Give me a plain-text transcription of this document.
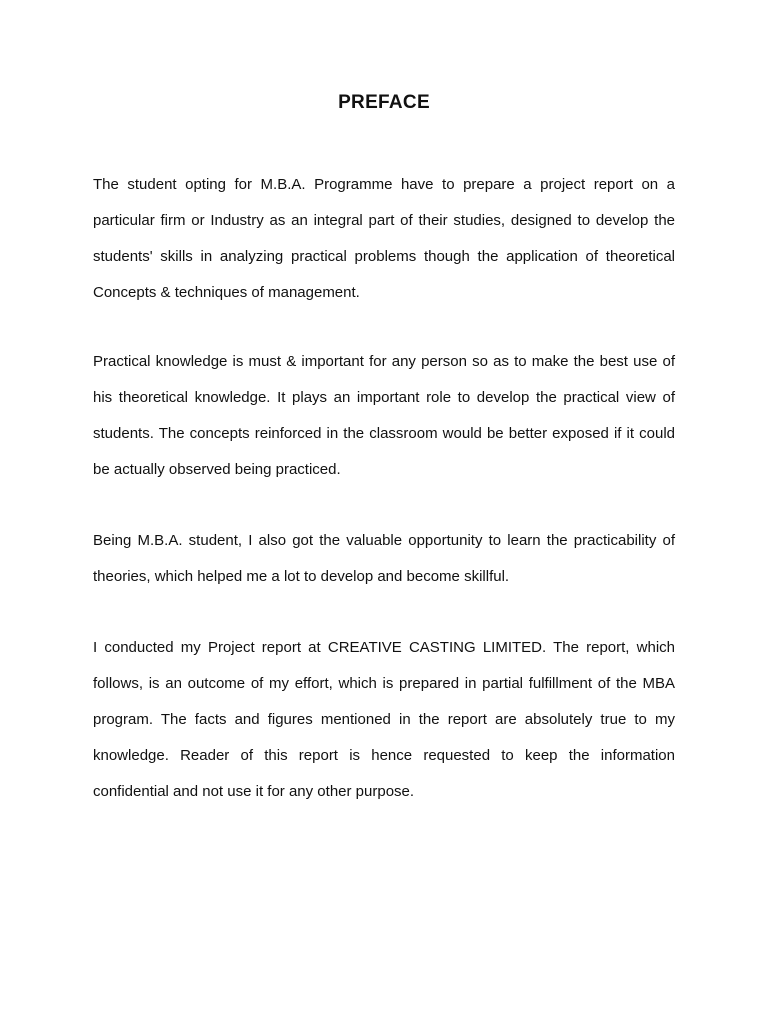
PREFACE
The student opting for M.B.A. Programme have to prepare a project report on a
particular firm or Industry as an integral part of their studies, designed to develop the
students' skills in analyzing practical problems though the application of theoretical
Concepts & techniques of management.
Practical knowledge is must & important for any person so as to make the best use of
his theoretical knowledge. It plays an important role to develop the practical view of
students. The concepts reinforced in the classroom would be better exposed if it could
be actually observed being practiced.
Being M.B.A. student, I also got the valuable opportunity to learn the practicability of
theories, which helped me a lot to develop and become skillful.
I conducted my Project report at CREATIVE CASTING LIMITED. The report, which
follows, is an outcome of my effort, which is prepared in partial fulfillment of the MBA
program. The facts and figures mentioned in the report are absolutely true to my
knowledge. Reader of this report is hence requested to keep the information
confidential and not use it for any other purpose.
